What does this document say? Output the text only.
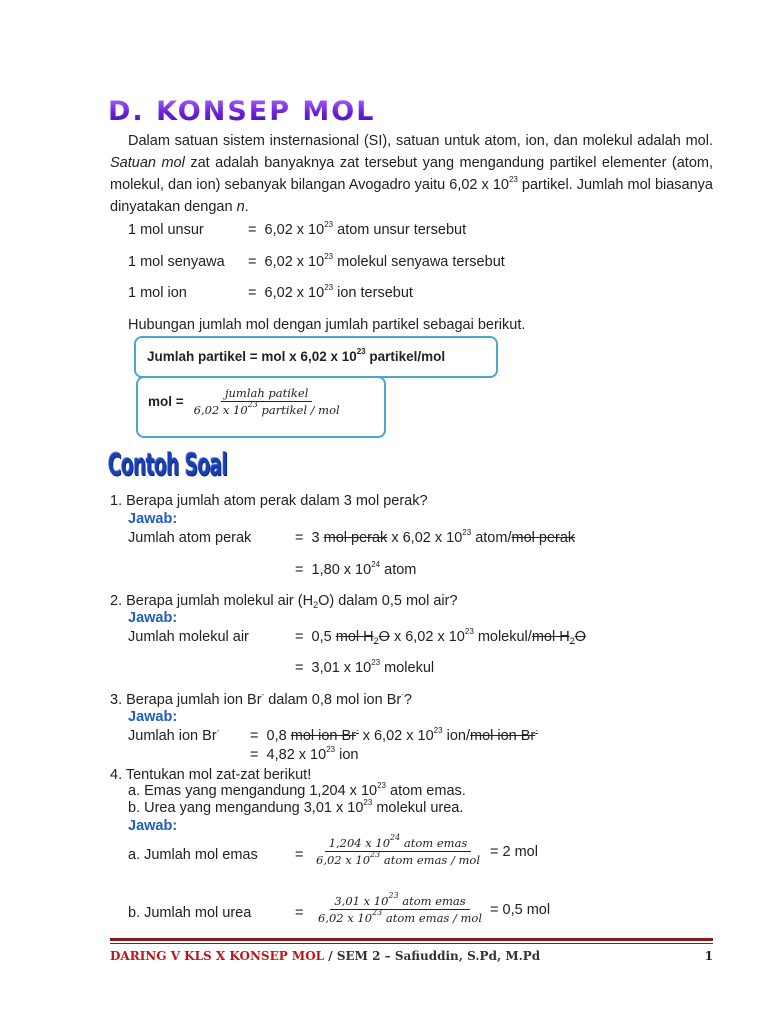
D. KONSEP MOL

Dalam satuan sistem insternasional (SI), satuan untuk atom, ion, dan molekul adalah mol. Satuan mol zat adalah banyaknya zat tersebut yang mengandung partikel elementer (atom, molekul, dan ion) sebanyak bilangan Avogadro yaitu 6,02 x $10^{23}$ partikel. Jumlah mol biasanya dinyatakan dengan n.

1 mol unsur	= 6,02 x $10^{23}$ atom unsur tersebut
1 mol senyawa = 6,02 x $10^{23}$ molekul senyawa tersebut
1 mol ion	= 6,02 x $10^{23}$ ion tersebut
Hubungan jumlah mol dengan jumlah partikel sebagai berikut.
Jumlah partikel = mol x 6,02 x $10^{23}$ partikel/mol
mol = $\frac{\text{jumlah patikel}}{6,02 x 10^{23} partikel / mol}$
Contoh Soal
1. Berapa jumlah atom perak dalam 3 mol perak?
Jawab:
Jumlah atom perak	= 3 mol perak x 6,02 x $10^{23}$ atom/mol perak
= 1,80 x $10^{24}$ atom
2. Berapa jumlah molekul air $(H_2O)$ dalam 0,5 mol air?
Jawab:
Jumlah molekul air	= 0,5 mol $H_2O$ x 6,02 x $10^{23}$ molekul/mol $H_2O$
= 3,01 x $10^{23}$ molekul
3. Berapa jumlah ion Br- dalam 0,8 mol ion Br-?
Jawab:
Jumlah ion Br- = 0,8 mol ion Br- x 6,02 x $10^{23}$ ion/mol ion Br-
= 4,82 x $10^{23}$ ion
4. Tentukan mol zat-zat berikut!
a. Emas yang mengandung 1,204 x $10^{23}$ atom emas.
b. Urea yang mengandung 3,01 x $10^{23}$ molekul urea.
Jawab:
a. Jumlah mol emas	= $\frac{1,204 x 10^{24} atom emas}{6,02 x 10^{23} atom emas / mol} = 2$ mol
b. Jumlah mol urea	= $\frac{3,01 x 10^{23} atom emas}{6,02 x 10^{23} atom emas / mol} = 0,5$ mol
DARING V KLS X KONSEP MOL / SEM 2 – Safiuddin, S.Pd, M.Pd	1
